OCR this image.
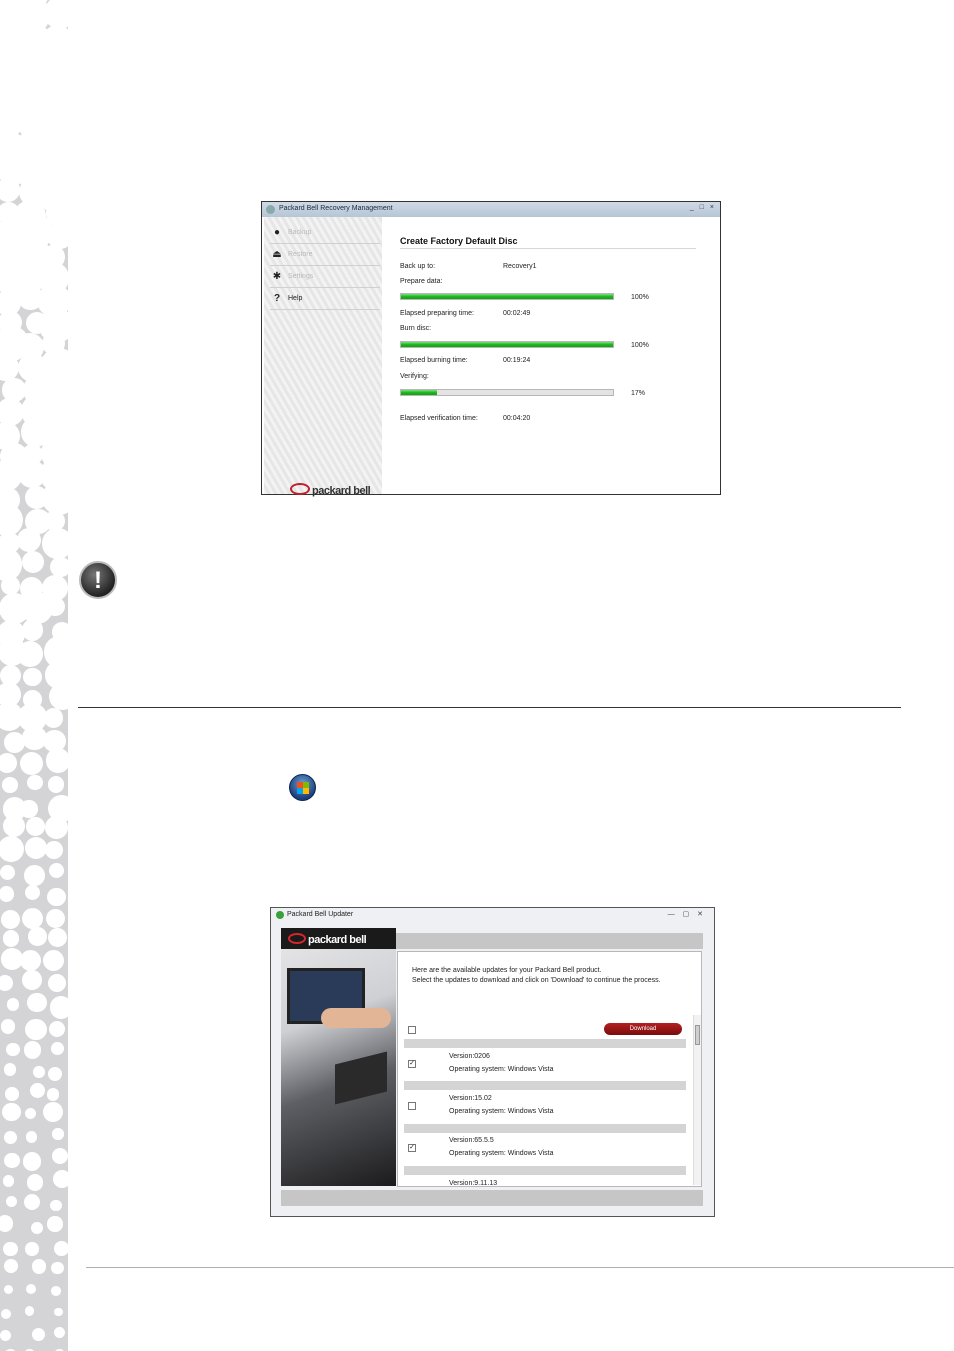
Packard Bell Recovery Management	_ □ ×
● Backup
⏏ Restore
✱ Settings
? Help
packard bell
Create Factory Default Disc
Back up to:	Recovery1
Prepare data:
100%
Elapsed preparing time:	00:02:49
Burn disc:
100%
Elapsed burning time:	00:19:24
Verifying:
17%
Elapsed verification time:	00:04:20
!
Packard Bell Updater	— ▢ ✕
packard bell
Here are the available updates for your Packard Bell product.
Select the updates to download and click on 'Download' to continue the process.
Download
✓
Version:0206
Operating system: Windows Vista
Version:15.02
Operating system: Windows Vista
✓
Version:65.5.5
Operating system: Windows Vista
Version:9.11.13
